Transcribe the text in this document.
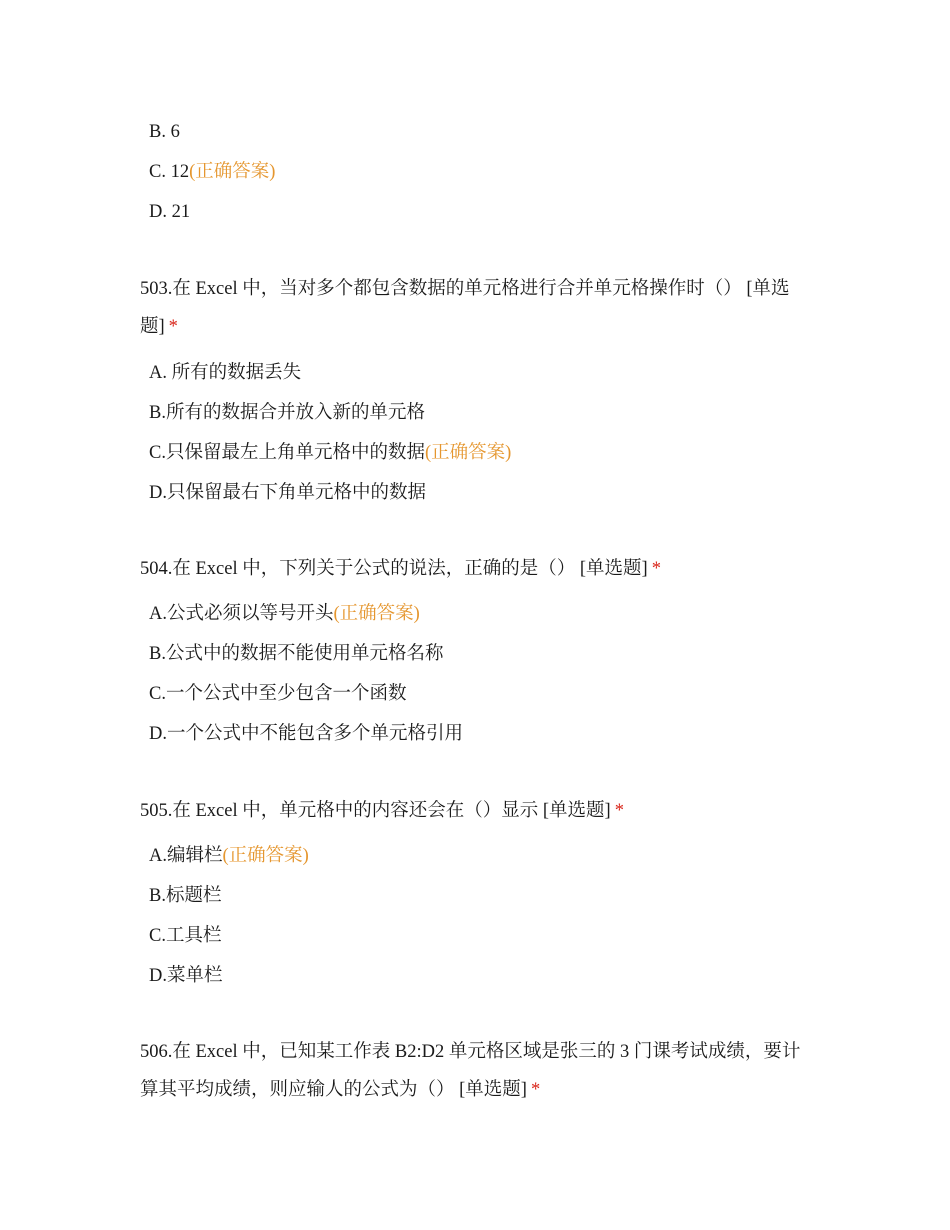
B. 6

C. 12(正确答案)

D. 21

503.在 Excel 中，当对多个都包含数据的单元格进行合并单元格操作时（） [单选题] *

A. 所有的数据丢失

B.所有的数据合并放入新的单元格

C.只保留最左上角单元格中的数据(正确答案)

D.只保留最右下角单元格中的数据

504.在 Excel 中，下列关于公式的说法，正确的是（） [单选题] *

A.公式必须以等号开头(正确答案)

B.公式中的数据不能使用单元格名称

C.一个公式中至少包含一个函数

D.一个公式中不能包含多个单元格引用

505.在 Excel 中，单元格中的内容还会在（）显示 [单选题] *

A.编辑栏(正确答案)

B.标题栏

C.工具栏

D.菜单栏

506.在 Excel 中，已知某工作表 B2:D2 单元格区域是张三的 3 门课考试成绩，要计算其平均成绩，则应输人的公式为（） [单选题] *
